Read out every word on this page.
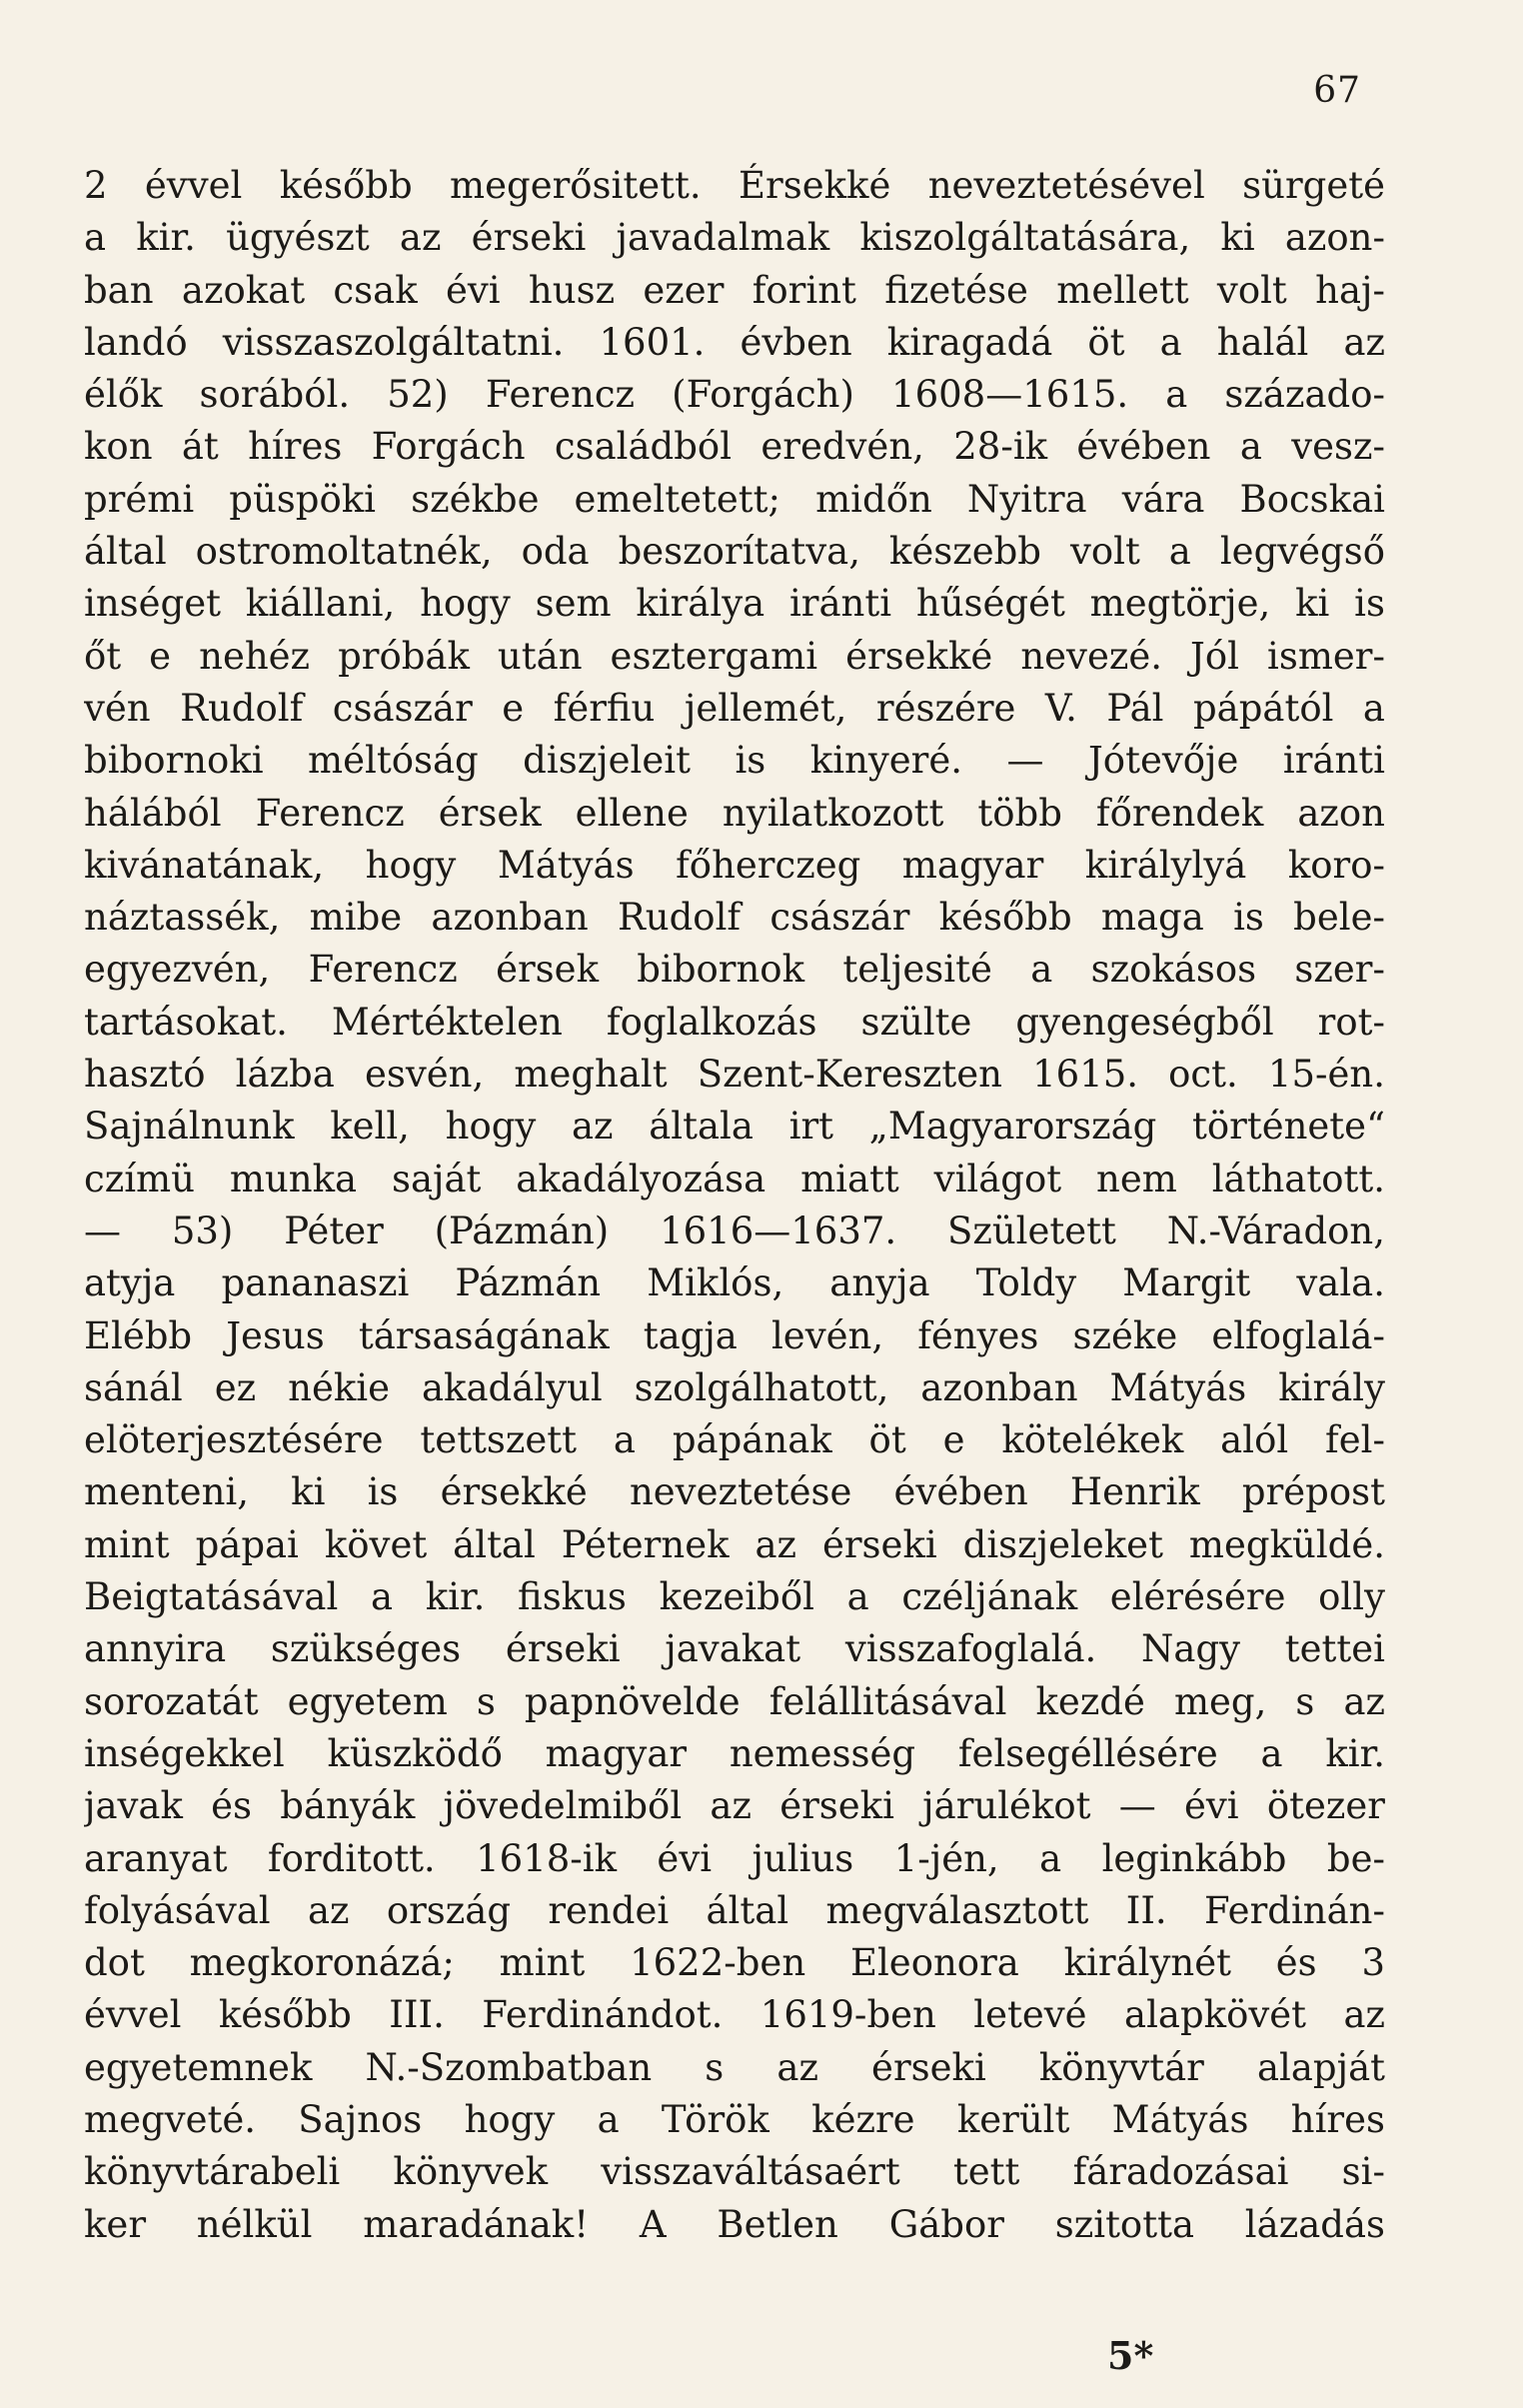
67
2 évvel később megerősitett. Érsekké neveztetésével sürgeté
a kir. ügyészt az érseki javadalmak kiszolgáltatására, ki azon-
ban azokat csak évi husz ezer forint fizetése mellett volt haj-
landó visszaszolgáltatni. 1601. évben kiragadá öt a halál az
élők sorából. 52) Ferencz (Forgách) 1608—1615. a százado-
kon át híres Forgách családból eredvén, 28-ik évében a vesz-
prémi püspöki székbe emeltetett; midőn Nyitra vára Bocskai
által ostromoltatnék, oda beszorítatva, készebb volt a legvégső
inséget kiállani, hogy sem királya iránti hűségét megtörje, ki is
őt e nehéz próbák után esztergami érsekké nevezé. Jól ismer-
vén Rudolf császár e férfiu jellemét, részére V. Pál pápától a
bibornoki méltóság diszjeleit is kinyeré. — Jótevője iránti
hálából Ferencz érsek ellene nyilatkozott több főrendek azon
kivánatának, hogy Mátyás főherczeg magyar királylyá koro-
náztassék, mibe azonban Rudolf császár később maga is bele-
egyezvén, Ferencz érsek bibornok teljesité a szokásos szer-
tartásokat. Mértéktelen foglalkozás szülte gyengeségből rot-
hasztó lázba esvén, meghalt Szent-Kereszten 1615. oct. 15-én.
Sajnálnunk kell, hogy az általa irt „Magyarország története“
czímü munka saját akadályozása miatt világot nem láthatott.
— 53) Péter (Pázmán) 1616—1637. Született N.-Váradon,
atyja pananaszi Pázmán Miklós, anyja Toldy Margit vala.
Elébb Jesus társaságának tagja levén, fényes széke elfoglalá-
sánál ez nékie akadályul szolgálhatott, azonban Mátyás király
elöterjesztésére tettszett a pápának öt e kötelékek alól fel-
menteni, ki is érsekké neveztetése évében Henrik prépost
mint pápai követ által Péternek az érseki diszjeleket megküldé.
Beigtatásával a kir. fiskus kezeiből a czéljának elérésére olly
annyira szükséges érseki javakat visszafoglalá. Nagy tettei
sorozatát egyetem s papnövelde felállitásával kezdé meg, s az
inségekkel küszködő magyar nemesség felsegéllésére a kir.
javak és bányák jövedelmiből az érseki járulékot — évi ötezer
aranyat forditott. 1618-ik évi julius 1-jén, a leginkább be-
folyásával az ország rendei által megválasztott II. Ferdinán-
dot megkoronázá; mint 1622-ben Eleonora királynét és 3
évvel később III. Ferdinándot. 1619-ben letevé alapkövét az
egyetemnek N.-Szombatban s az érseki könyvtár alapját
megveté. Sajnos hogy a Török kézre került Mátyás híres
könyvtárabeli könyvek visszaváltásaért tett fáradozásai si-
ker nélkül maradának! A Betlen Gábor szitotta lázadás
5*
